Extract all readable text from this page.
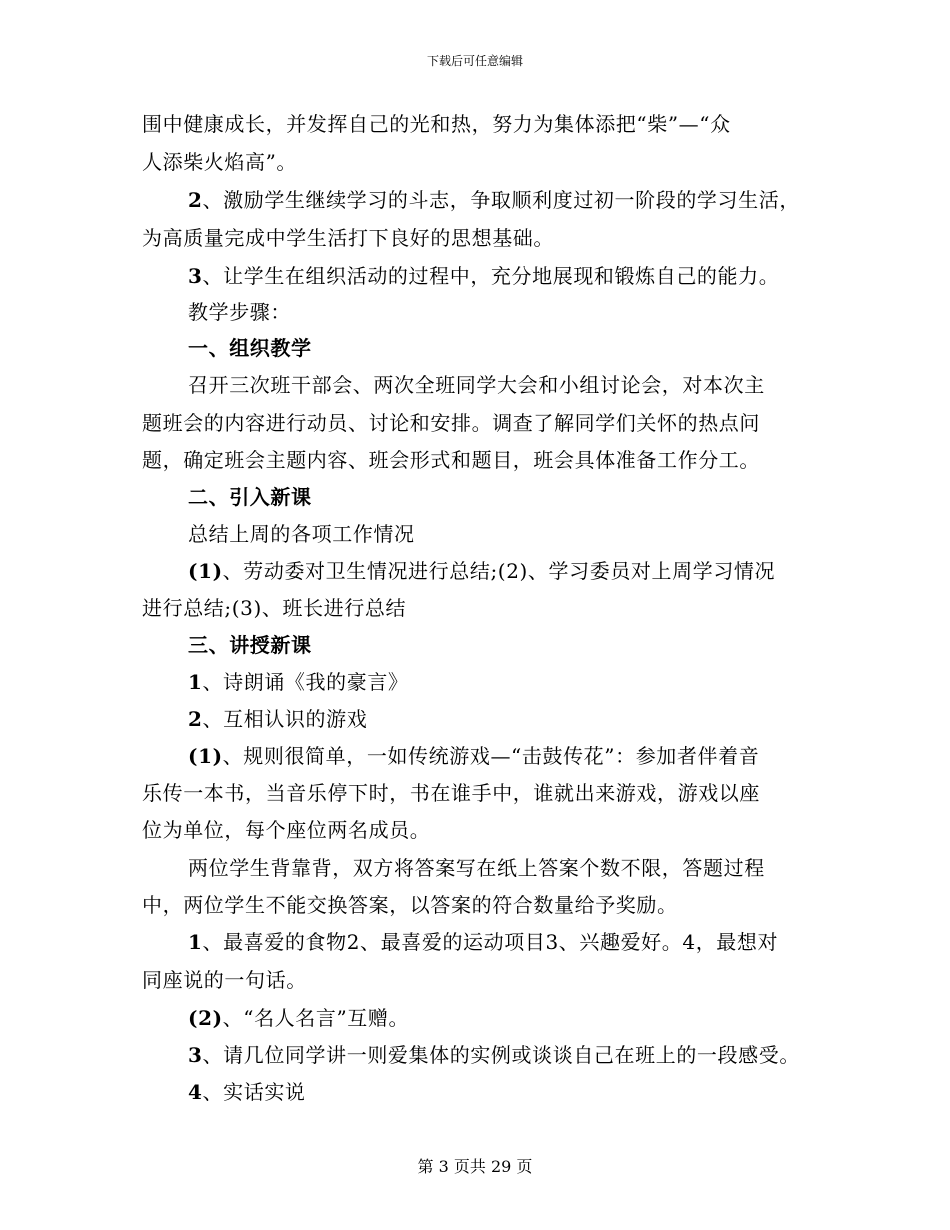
下载后可任意编辑
围中健康成长，并发挥自己的光和热，努力为集体添把“柴”—“众
人添柴火焰高”。
2、激励学生继续学习的斗志，争取顺利度过初一阶段的学习生活，
为高质量完成中学生活打下良好的思想基础。
3、让学生在组织活动的过程中，充分地展现和锻炼自己的能力。
教学步骤：
一、组织教学
召开三次班干部会、两次全班同学大会和小组讨论会，对本次主
题班会的内容进行动员、讨论和安排。调查了解同学们关怀的热点问
题，确定班会主题内容、班会形式和题目，班会具体准备工作分工。
二、引入新课
总结上周的各项工作情况
(1)、劳动委对卫生情况进行总结;(2)、学习委员对上周学习情况
进行总结;(3)、班长进行总结
三、讲授新课
1、诗朗诵《我的豪言》
2、互相认识的游戏
(1)、规则很简单，一如传统游戏—“击鼓传花”：参加者伴着音
乐传一本书，当音乐停下时，书在谁手中，谁就出来游戏，游戏以座
位为单位，每个座位两名成员。
两位学生背靠背，双方将答案写在纸上答案个数不限，答题过程
中，两位学生不能交换答案，以答案的符合数量给予奖励。
1、最喜爱的食物2、最喜爱的运动项目3、兴趣爱好。4，最想对
同座说的一句话。
(2)、“名人名言”互赠。
3、请几位同学讲一则爱集体的实例或谈谈自己在班上的一段感受。
4、实话实说
第 3 页共 29 页
